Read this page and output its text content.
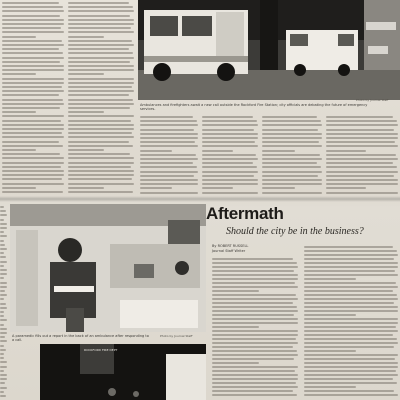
Ambulances and firefighters await a new call outside the Rockford Fire Station; city officials are debating the future of emergency services.
Photo by Journal Staff
A paramedic fills out a report in the back of an ambulance after responding to a call.
Photo by Journal Staff
ROCKFORD FIRE DEPT
Aftermath
Should the city be in the business?
By ROBERT RUSSELL
Journal Staff Writer
